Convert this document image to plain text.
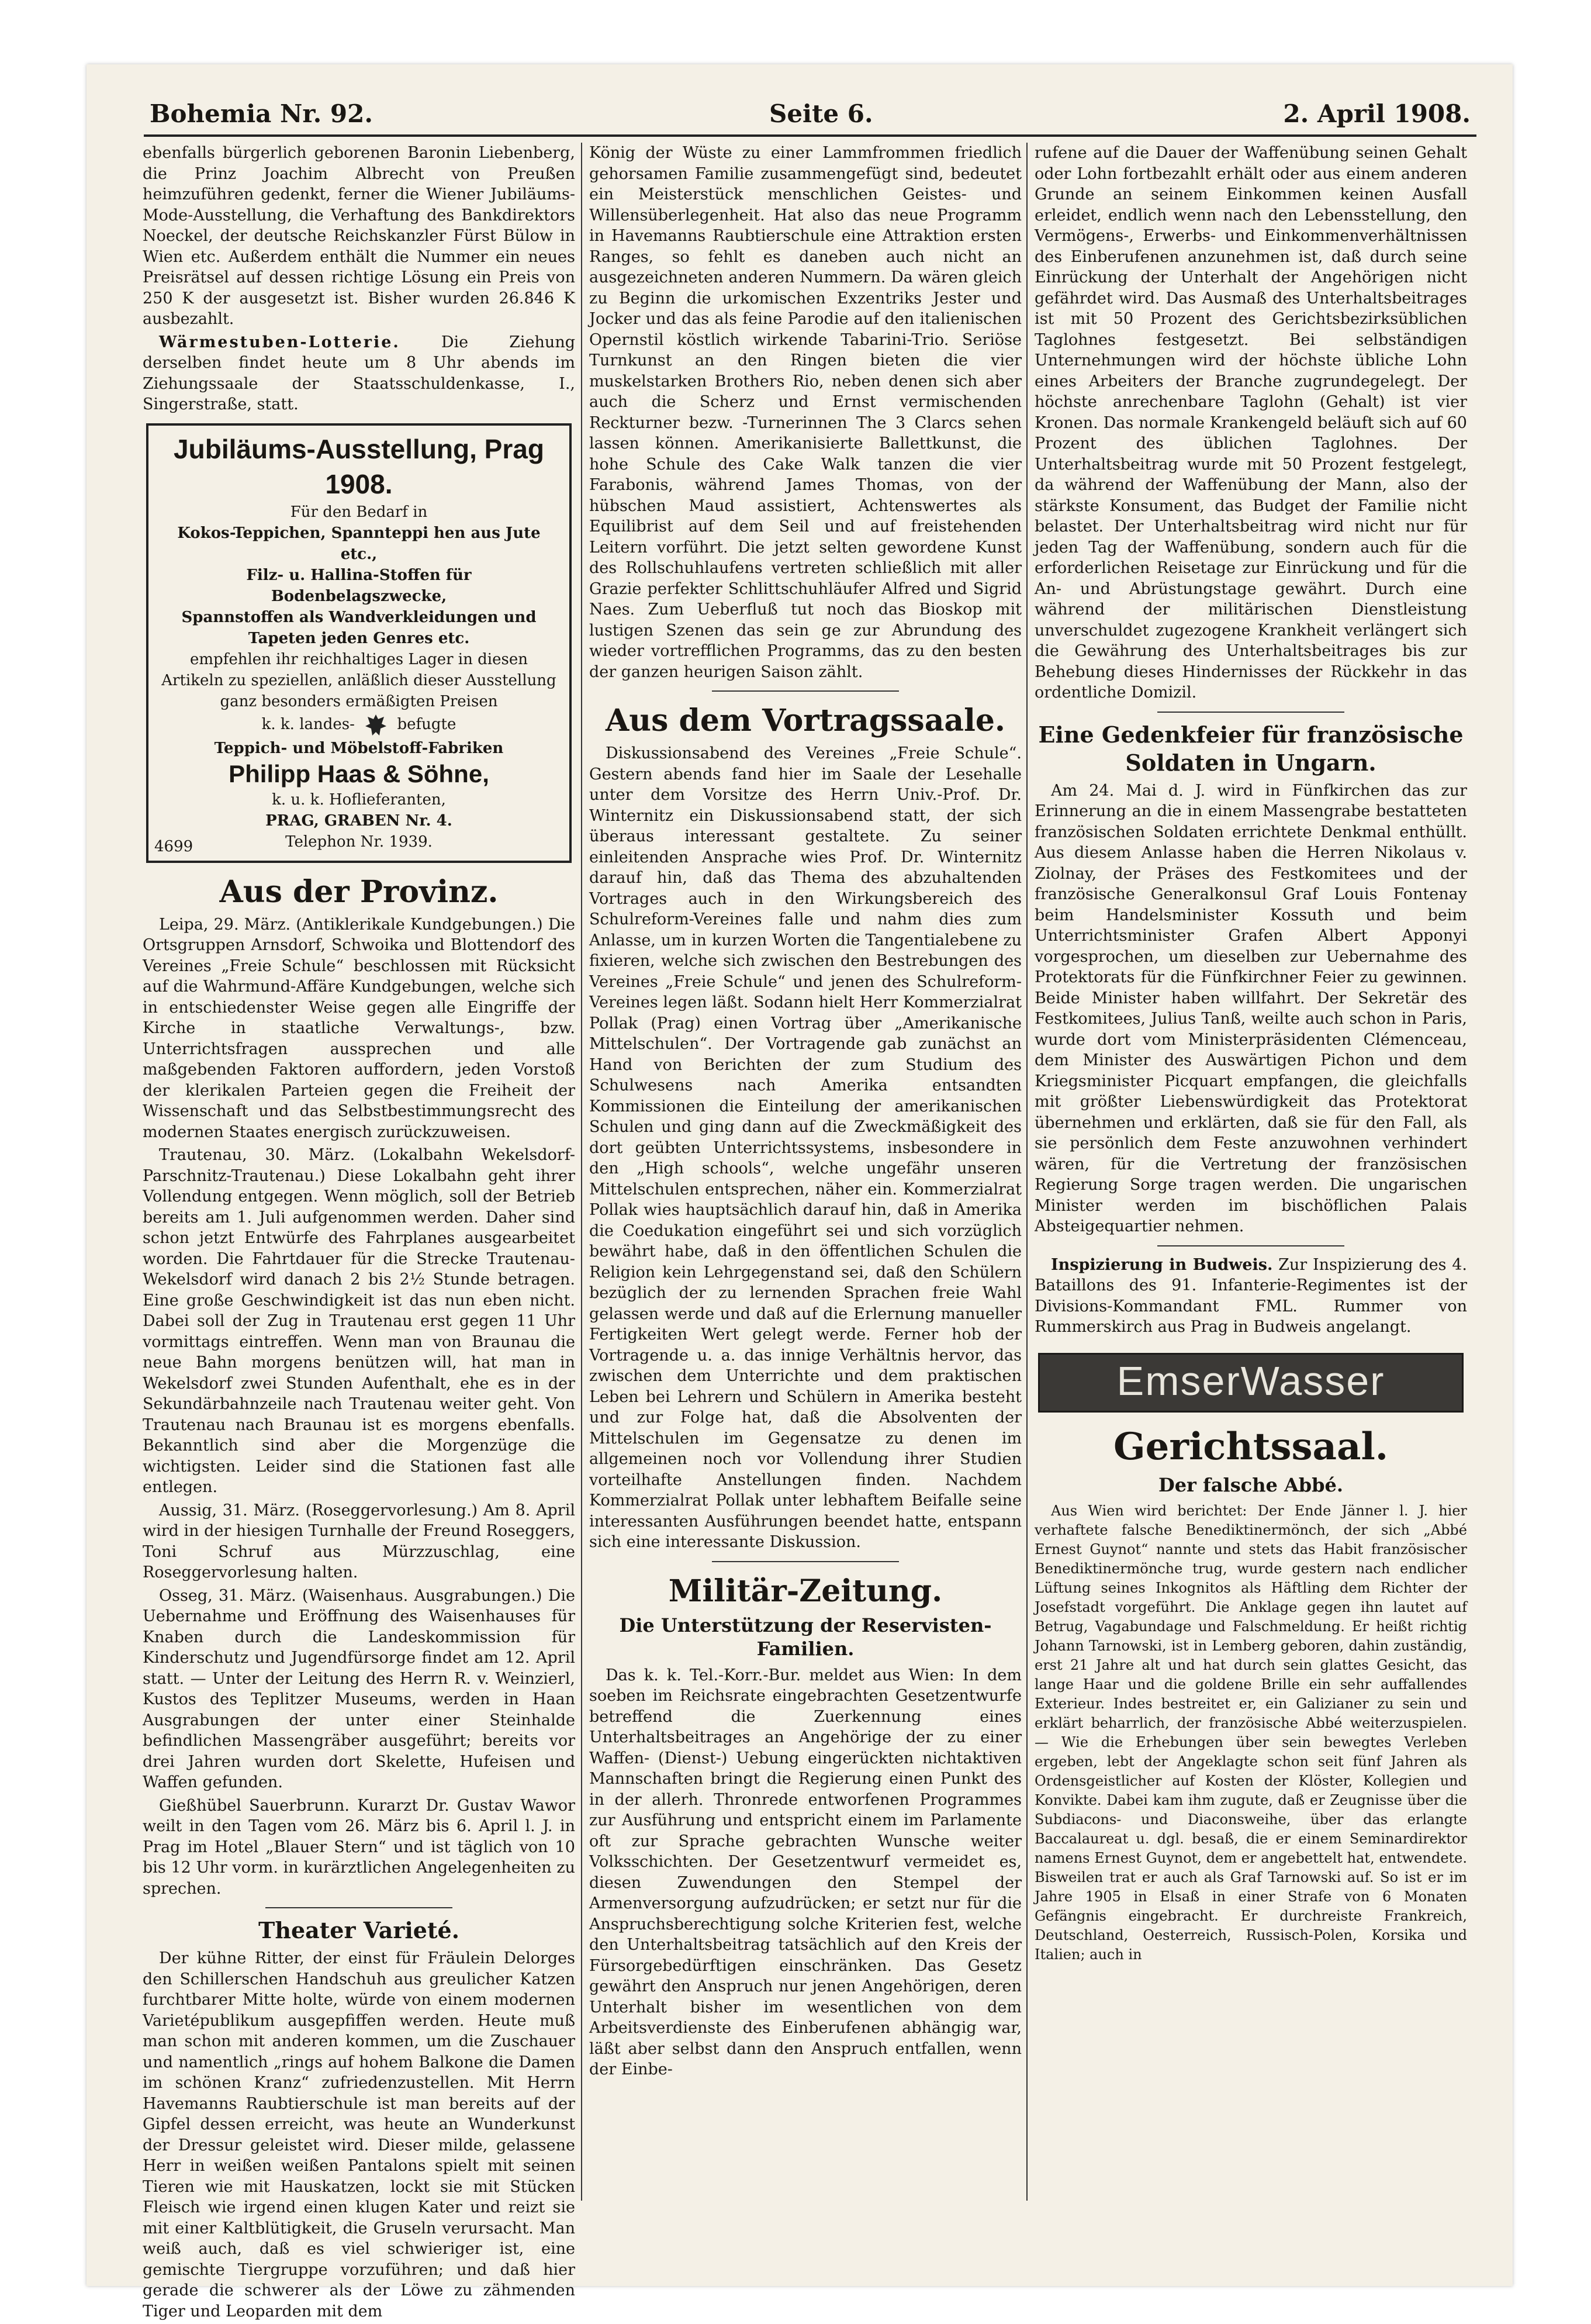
Bohemia Nr. 92.	Seite 6.	2. April 1908.

ebenfalls bürgerlich geborenen Baronin Liebenberg, die Prinz Joachim Albrecht von Preußen heimzuführen gedenkt, ferner die Wiener Jubiläums-Mode-Ausstellung, die Verhaftung des Bankdirektors Noeckel, der deutsche Reichskanzler Fürst Bülow in Wien etc. Außerdem enthält die Nummer ein neues Preisrätsel auf dessen richtige Lösung ein Preis von 250 K der ausgesetzt ist. Bisher wurden 26.846 K ausbezahlt.

Wärmestuben-Lotterie.	Die Ziehung derselben findet heute um 8 Uhr abends im Ziehungssaale der Staatsschuldenkasse, I., Singerstraße, statt.

Jubiläums-Ausstellung, Prag 1908.
Für den Bedarf in
Kokos-Teppichen, Spannteppi hen aus Jute etc.,
Filz- u. Hallina-Stoffen für Bodenbelagszwecke,
Spannstoffen als Wandverkleidungen und Tapeten jeden Genres etc.
empfehlen ihr reichhaltiges Lager in diesen Artikeln zu speziellen, anläßlich dieser Ausstellung ganz besonders ermäßigten Preisen
k. k. landes-	befugte
Teppich- und Möbelstoff-Fabriken
Philipp Haas & Söhne,
k. u. k. Hoflieferanten,
PRAG, GRABEN Nr. 4.
Telephon Nr. 1939.
4699
Aus der Provinz.

Leipa, 29. März. (Antiklerikale Kundgebungen.) Die Ortsgruppen Arnsdorf, Schwoika und Blottendorf des Vereines „Freie Schule“ beschlossen mit Rücksicht auf die Wahrmund-Affäre Kundgebungen, welche sich in entschiedenster Weise gegen alle Eingriffe der Kirche in staatliche Verwaltungs-, bzw. Unterrichtsfragen aussprechen und alle maßgebenden Faktoren auffordern, jeden Vorstoß der klerikalen Parteien gegen die Freiheit der Wissenschaft und das Selbstbestimmungsrecht des modernen Staates energisch zurückzuweisen.

Trautenau, 30. März. (Lokalbahn Wekelsdorf-Parschnitz-Trautenau.) Diese Lokalbahn geht ihrer Vollendung entgegen. Wenn möglich, soll der Betrieb bereits am 1. Juli aufgenommen werden. Daher sind schon jetzt Entwürfe des Fahrplanes ausgearbeitet worden. Die Fahrtdauer für die Strecke Trautenau-Wekelsdorf wird danach 2 bis 2½ Stunde betragen. Eine große Geschwindigkeit ist das nun eben nicht. Dabei soll der Zug in Trautenau erst gegen 11 Uhr vormittags eintreffen. Wenn man von Braunau die neue Bahn morgens benützen will, hat man in Wekelsdorf zwei Stunden Aufenthalt, ehe es in der Sekundärbahnzeile nach Trautenau weiter geht. Von Trautenau nach Braunau ist es morgens ebenfalls. Bekanntlich sind aber die Morgenzüge die wichtigsten. Leider sind die Stationen fast alle entlegen.

Aussig, 31. März. (Roseggervorlesung.) Am 8. April wird in der hiesigen Turnhalle der Freund Roseggers, Toni Schruf aus Mürzzuschlag, eine Roseggervorlesung halten.

Osseg, 31. März. (Waisenhaus. Ausgrabungen.) Die Uebernahme und Eröffnung des Waisenhauses für Knaben durch die Landeskommission für Kinderschutz und Jugendfürsorge findet am 12. April statt. — Unter der Leitung des Herrn R. v. Weinzierl, Kustos des Teplitzer Museums, werden in Haan Ausgrabungen der unter einer Steinhalde befindlichen Massengräber ausgeführt; bereits vor drei Jahren wurden dort Skelette, Hufeisen und Waffen gefunden.

Gießhübel Sauerbrunn. Kurarzt Dr. Gustav Wawor weilt in den Tagen vom 26. März bis 6. April l. J. in Prag im Hotel „Blauer Stern“ und ist täglich von 10 bis 12 Uhr vorm. in kurärztlichen Angelegenheiten zu sprechen.

Theater Varieté.

Der kühne Ritter, der einst für Fräulein Delorges den Schillerschen Handschuh aus greulicher Katzen furchtbarer Mitte holte, würde von einem modernen Varietépublikum ausgepfiffen werden. Heute muß man schon mit anderen kommen, um die Zuschauer und namentlich „rings auf hohem Balkone die Damen im schönen Kranz“ zufriedenzustellen. Mit Herrn Havemanns Raubtierschule ist man bereits auf der Gipfel dessen erreicht, was heute an Wunderkunst der Dressur geleistet wird. Dieser milde, gelassene Herr in weißen weißen Pantalons spielt mit seinen Tieren wie mit Hauskatzen, lockt sie mit Stücken Fleisch wie irgend einen klugen Kater und reizt sie mit einer Kaltblütigkeit, die Gruseln verursacht. Man weiß auch, daß es viel schwieriger ist, eine gemischte Tiergruppe vorzuführen; und daß hier gerade die schwerer als der Löwe zu zähmenden Tiger und Leoparden mit dem

König der Wüste zu einer Lammfrommen friedlich gehorsamen Familie zusammengefügt sind, bedeutet ein Meisterstück menschlichen Geistes- und Willensüberlegenheit. Hat also das neue Programm in Havemanns Raubtierschule eine Attraktion ersten Ranges, so fehlt es daneben auch nicht an ausgezeichneten anderen Nummern. Da wären gleich zu Beginn die urkomischen Exzentriks Jester und Jocker und das als feine Parodie auf den italienischen Opernstil köstlich wirkende Tabarini-Trio. Seriöse Turnkunst an den Ringen bieten die vier muskelstarken Brothers Rio, neben denen sich aber auch die Scherz und Ernst vermischenden Reckturner bezw. -Turnerinnen The 3 Clarcs sehen lassen können. Amerikanisierte Ballettkunst, die hohe Schule des Cake Walk tanzen die vier Farabonis, während James Thomas, von der hübschen Maud assistiert, Achtenswertes als Equilibrist auf dem Seil und auf freistehenden Leitern vorführt. Die jetzt selten gewordene Kunst des Rollschuhlaufens vertreten schließlich mit aller Grazie perfekter Schlittschuhläufer Alfred und Sigrid Naes. Zum Ueberfluß tut noch das Bioskop mit lustigen Szenen das sein ge zur Abrundung des wieder vortrefflichen Programms, das zu den besten der ganzen heurigen Saison zählt.

Aus dem Vortragssaale.

Diskussionsabend des Vereines „Freie Schule“. Gestern abends fand hier im Saale der Lesehalle unter dem Vorsitze des Herrn Univ.-Prof. Dr. Winternitz ein Diskussionsabend statt, der sich überaus interessant gestaltete. Zu seiner einleitenden Ansprache wies Prof. Dr. Winternitz darauf hin, daß das Thema des abzuhaltenden Vortrages auch in den Wirkungsbereich des Schulreform-Vereines falle und nahm dies zum Anlasse, um in kurzen Worten die Tangentialebene zu fixieren, welche sich zwischen den Bestrebungen des Vereines „Freie Schule“ und jenen des Schulreform-Vereines legen läßt. Sodann hielt Herr Kommerzialrat Pollak (Prag) einen Vortrag über „Amerikanische Mittelschulen“. Der Vortragende gab zunächst an Hand von Berichten der zum Studium des Schulwesens nach Amerika entsandten Kommissionen die Einteilung der amerikanischen Schulen und ging dann auf die Zweckmäßigkeit des dort geübten Unterrichtssystems, insbesondere in den „High schools“, welche ungefähr unseren Mittelschulen entsprechen, näher ein. Kommerzialrat Pollak wies hauptsächlich darauf hin, daß in Amerika die Coedukation eingeführt sei und sich vorzüglich bewährt habe, daß in den öffentlichen Schulen die Religion kein Lehrgegenstand sei, daß den Schülern bezüglich der zu lernenden Sprachen freie Wahl gelassen werde und daß auf die Erlernung manueller Fertigkeiten Wert gelegt werde. Ferner hob der Vortragende u. a. das innige Verhältnis hervor, das zwischen dem Unterrichte und dem praktischen Leben bei Lehrern und Schülern in Amerika besteht und zur Folge hat, daß die Absolventen der Mittelschulen im Gegensatze zu denen im allgemeinen noch vor Vollendung ihrer Studien vorteilhafte Anstellungen finden. Nachdem Kommerzialrat Pollak unter lebhaftem Beifalle seine interessanten Ausführungen beendet hatte, entspann sich eine interessante Diskussion.

Militär-Zeitung.
Die Unterstützung der Reservisten-Familien.

Das k. k. Tel.-Korr.-Bur. meldet aus Wien: In dem soeben im Reichsrate eingebrachten Gesetzentwurfe betreffend die Zuerkennung eines Unterhaltsbeitrages an Angehörige der zu einer Waffen- (Dienst-) Uebung eingerückten nichtaktiven Mannschaften bringt die Regierung einen Punkt des in der allerh. Thronrede entworfenen Programmes zur Ausführung und entspricht einem im Parlamente oft zur Sprache gebrachten Wunsche weiter Volksschichten. Der Gesetzentwurf vermeidet es, diesen Zuwendungen den Stempel der Armenversorgung aufzudrücken; er setzt nur für die Anspruchsberechtigung solche Kriterien fest, welche den Unterhaltsbeitrag tatsächlich auf den Kreis der Fürsorgebedürftigen einschränken. Das Gesetz gewährt den Anspruch nur jenen Angehörigen, deren Unterhalt bisher im wesentlichen von dem Arbeitsverdienste des Einberufenen abhängig war, läßt aber selbst dann den Anspruch entfallen, wenn der Einbe-

rufene auf die Dauer der Waffenübung seinen Gehalt oder Lohn fortbezahlt erhält oder aus einem anderen Grunde an seinem Einkommen keinen Ausfall erleidet, endlich wenn nach den Lebensstellung, den Vermögens-, Erwerbs- und Einkommenverhältnissen des Einberufenen anzunehmen ist, daß durch seine Einrückung der Unterhalt der Angehörigen nicht gefährdet wird. Das Ausmaß des Unterhaltsbeitrages ist mit 50 Prozent des Gerichtsbezirksüblichen Taglohnes festgesetzt. Bei selbständigen Unternehmungen wird der höchste übliche Lohn eines Arbeiters der Branche zugrundegelegt. Der höchste anrechenbare Taglohn (Gehalt) ist vier Kronen. Das normale Krankengeld beläuft sich auf 60 Prozent des üblichen Taglohnes. Der Unterhaltsbeitrag wurde mit 50 Prozent festgelegt, da während der Waffenübung der Mann, also der stärkste Konsument, das Budget der Familie nicht belastet. Der Unterhaltsbeitrag wird nicht nur für jeden Tag der Waffenübung, sondern auch für die erforderlichen Reisetage zur Einrückung und für die An- und Abrüstungstage gewährt. Durch eine während der militärischen Dienstleistung unverschuldet zugezogene Krankheit verlängert sich die Gewährung des Unterhaltsbeitrages bis zur Behebung dieses Hindernisses der Rückkehr in das ordentliche Domizil.

Eine Gedenkfeier für französische Soldaten in Ungarn.

Am 24. Mai d. J. wird in Fünfkirchen das zur Erinnerung an die in einem Massengrabe bestatteten französischen Soldaten errichtete Denkmal enthüllt. Aus diesem Anlasse haben die Herren Nikolaus v. Ziolnay, der Präses des Festkomitees und der französische Generalkonsul Graf Louis Fontenay beim Handelsminister Kossuth und beim Unterrichtsminister Grafen Albert Apponyi vorgesprochen, um dieselben zur Uebernahme des Protektorats für die Fünfkirchner Feier zu gewinnen. Beide Minister haben willfahrt. Der Sekretär des Festkomitees, Julius Tanß, weilte auch schon in Paris, wurde dort vom Ministerpräsidenten Clémenceau, dem Minister des Auswärtigen Pichon und dem Kriegsminister Picquart empfangen, die gleichfalls mit größter Liebenswürdigkeit das Protektorat übernehmen und erklärten, daß sie für den Fall, als sie persönlich dem Feste anzuwohnen verhindert wären, für die Vertretung der französischen Regierung Sorge tragen werden. Die ungarischen Minister werden im bischöflichen Palais Absteigequartier nehmen.

Inspizierung in Budweis. Zur Inspizierung des 4. Bataillons des 91. Infanterie-Regimentes ist der Divisions-Kommandant FML. Rummer von Rummerskirch aus Prag in Budweis angelangt.

EmserWasser
Gerichtssaal.
Der falsche Abbé.

Aus Wien wird berichtet: Der Ende Jänner l. J. hier verhaftete falsche Benediktinermönch, der sich „Abbé Ernest Guynot“ nannte und stets das Habit französischer Benediktinermönche trug, wurde gestern nach endlicher Lüftung seines Inkognitos als Häftling dem Richter der Josefstadt vorgeführt. Die Anklage gegen ihn lautet auf Betrug, Vagabundage und Falschmeldung. Er heißt richtig Johann Tarnowski, ist in Lemberg geboren, dahin zuständig, erst 21 Jahre alt und hat durch sein glattes Gesicht, das lange Haar und die goldene Brille ein sehr auffallendes Exterieur. Indes bestreitet er, ein Galizianer zu sein und erklärt beharrlich, der französische Abbé weiterzuspielen. — Wie die Erhebungen über sein bewegtes Verleben ergeben, lebt der Angeklagte schon seit fünf Jahren als Ordensgeistlicher auf Kosten der Klöster, Kollegien und Konvikte. Dabei kam ihm zugute, daß er Zeugnisse über die Subdiacons- und Diaconsweihe, über das erlangte Baccalaureat u. dgl. besaß, die er einem Seminardirektor namens Ernest Guynot, dem er angebettelt hat, entwendete. Bisweilen trat er auch als Graf Tarnowski auf. So ist er im Jahre 1905 in Elsaß in einer Strafe von 6 Monaten Gefängnis eingebracht. Er durchreiste Frankreich, Deutschland, Oesterreich, Russisch-Polen, Korsika und Italien; auch in
